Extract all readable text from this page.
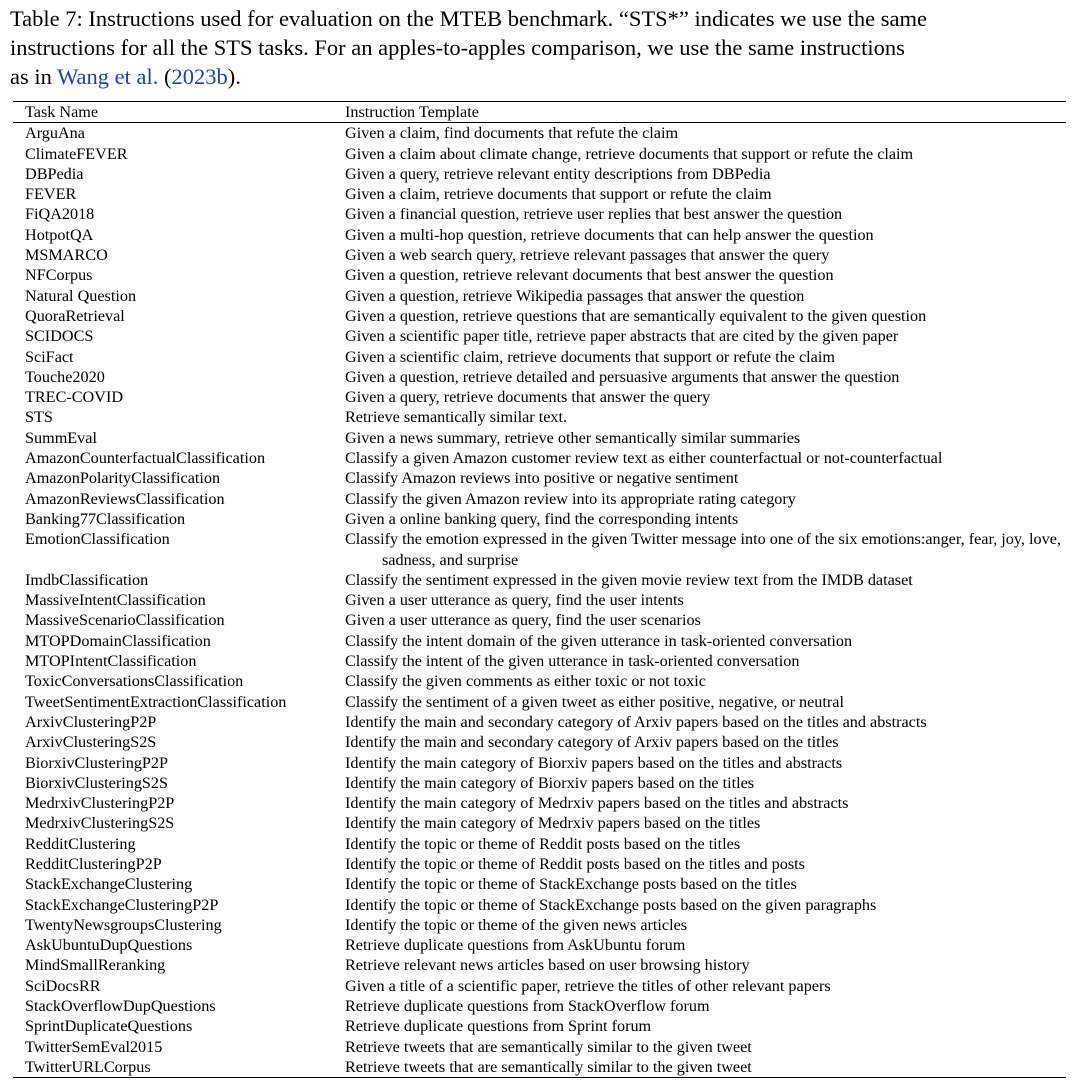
Table 7: Instructions used for evaluation on the MTEB benchmark. “STS*” indicates we use the same
instructions for all the STS tasks. For an apples-to-apples comparison, we use the same instructions
as in Wang et al. (2023b).
Task Name	Instruction Template
ArguAna	Given a claim, find documents that refute the claim

ClimateFEVER	Given a claim about climate change, retrieve documents that support or refute the claim

DBPedia	Given a query, retrieve relevant entity descriptions from DBPedia

FEVER	Given a claim, retrieve documents that support or refute the claim

FiQA2018	Given a financial question, retrieve user replies that best answer the question

HotpotQA	Given a multi-hop question, retrieve documents that can help answer the question

MSMARCO	Given a web search query, retrieve relevant passages that answer the query

NFCorpus	Given a question, retrieve relevant documents that best answer the question

Natural Question	Given a question, retrieve Wikipedia passages that answer the question

QuoraRetrieval	Given a question, retrieve questions that are semantically equivalent to the given question

SCIDOCS	Given a scientific paper title, retrieve paper abstracts that are cited by the given paper

SciFact	Given a scientific claim, retrieve documents that support or refute the claim

Touche2020	Given a question, retrieve detailed and persuasive arguments that answer the question

TREC-COVID	Given a query, retrieve documents that answer the query

STS	Retrieve semantically similar text.

SummEval	Given a news summary, retrieve other semantically similar summaries

AmazonCounterfactualClassification	Classify a given Amazon customer review text as either counterfactual or not-counterfactual

AmazonPolarityClassification	Classify Amazon reviews into positive or negative sentiment

AmazonReviewsClassification	Classify the given Amazon review into its appropriate rating category

Banking77Classification	Given a online banking query, find the corresponding intents

EmotionClassification	Classify the emotion expressed in the given Twitter message into one of the six emotions:anger, fear, joy, love, sadness, and surprise

ImdbClassification	Classify the sentiment expressed in the given movie review text from the IMDB dataset

MassiveIntentClassification	Given a user utterance as query, find the user intents

MassiveScenarioClassification	Given a user utterance as query, find the user scenarios

MTOPDomainClassification	Classify the intent domain of the given utterance in task-oriented conversation

MTOPIntentClassification	Classify the intent of the given utterance in task-oriented conversation

ToxicConversationsClassification	Classify the given comments as either toxic or not toxic

TweetSentimentExtractionClassification	Classify the sentiment of a given tweet as either positive, negative, or neutral

ArxivClusteringP2P	Identify the main and secondary category of Arxiv papers based on the titles and abstracts

ArxivClusteringS2S	Identify the main and secondary category of Arxiv papers based on the titles

BiorxivClusteringP2P	Identify the main category of Biorxiv papers based on the titles and abstracts

BiorxivClusteringS2S	Identify the main category of Biorxiv papers based on the titles

MedrxivClusteringP2P	Identify the main category of Medrxiv papers based on the titles and abstracts

MedrxivClusteringS2S	Identify the main category of Medrxiv papers based on the titles

RedditClustering	Identify the topic or theme of Reddit posts based on the titles

RedditClusteringP2P	Identify the topic or theme of Reddit posts based on the titles and posts

StackExchangeClustering	Identify the topic or theme of StackExchange posts based on the titles

StackExchangeClusteringP2P	Identify the topic or theme of StackExchange posts based on the given paragraphs

TwentyNewsgroupsClustering	Identify the topic or theme of the given news articles

AskUbuntuDupQuestions	Retrieve duplicate questions from AskUbuntu forum

MindSmallReranking	Retrieve relevant news articles based on user browsing history

SciDocsRR	Given a title of a scientific paper, retrieve the titles of other relevant papers

StackOverflowDupQuestions	Retrieve duplicate questions from StackOverflow forum

SprintDuplicateQuestions	Retrieve duplicate questions from Sprint forum

TwitterSemEval2015	Retrieve tweets that are semantically similar to the given tweet

TwitterURLCorpus	Retrieve tweets that are semantically similar to the given tweet
